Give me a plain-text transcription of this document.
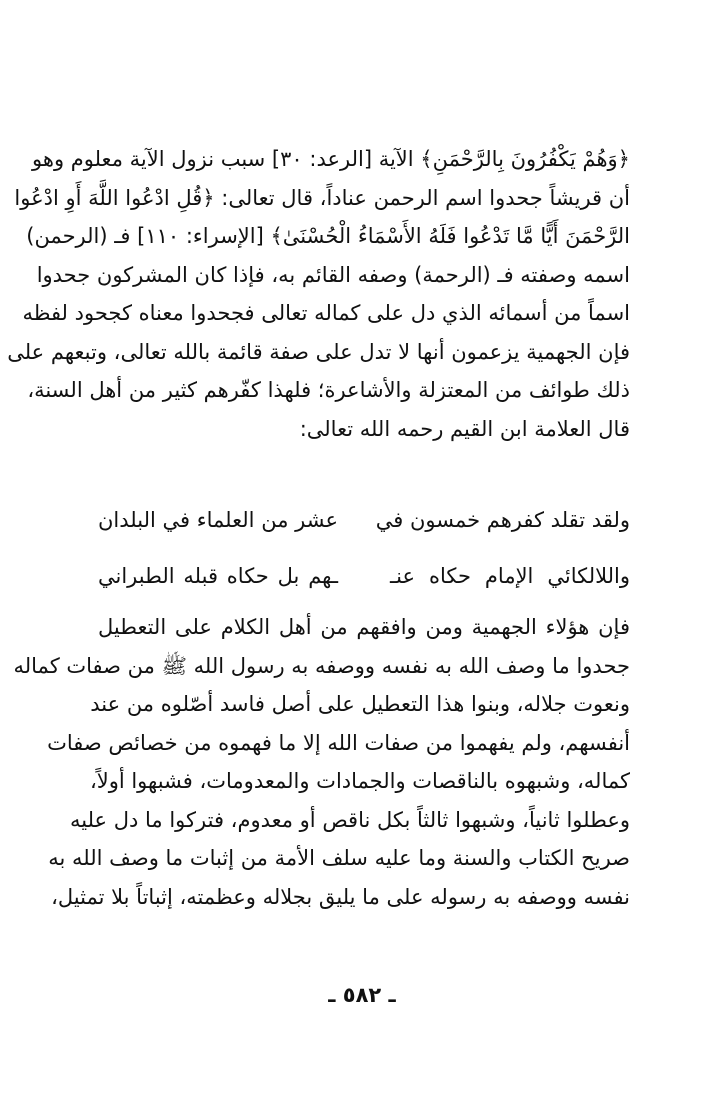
﴿وَهُمْ يَكْفُرُونَ بِالرَّحْمَنِ﴾ الآية [الرعد: ٣٠] سبب نزول الآية معلوم وهو
أن قريشاً جحدوا اسم الرحمن عناداً، قال تعالى: ﴿قُلِ ادْعُوا اللَّهَ أَوِ ادْعُوا
الرَّحْمَنَ أَيًّا مَّا تَدْعُوا فَلَهُ الأَسْمَاءُ الْحُسْنَىٰ﴾ [الإسراء: ١١٠] فـ (الرحمن)
اسمه وصفته فـ (الرحمة) وصفه القائم به، فإذا كان المشركون جحدوا
اسماً من أسمائه الذي دل على كماله تعالى فجحدوا معناه كجحود لفظه
فإن الجهمية يزعمون أنها لا تدل على صفة قائمة بالله تعالى، وتبعهم على
ذلك طوائف من المعتزلة والأشاعرة؛ فلهذا كفّرهم كثير من أهل السنة،
قال العلامة ابن القيم رحمه الله تعالى:
ولقد تقلد كفرهم خمسون في
عشر من العلماء في البلدان
واللالكائي الإمام حكاه عنـ
ـهم بل حكاه قبله الطبراني
فإن هؤلاء الجهمية ومن وافقهم من أهل الكلام على التعطيل
جحدوا ما وصف الله به نفسه ووصفه به رسول الله ﷺ من صفات كماله
ونعوت جلاله، وبنوا هذا التعطيل على أصل فاسد أصّلوه من عند
أنفسهم، ولم يفهموا من صفات الله إلا ما فهموه من خصائص صفات
كماله، وشبهوه بالناقصات والجمادات والمعدومات، فشبهوا أولاً،
وعطلوا ثانياً، وشبهوا ثالثاً بكل ناقص أو معدوم، فتركوا ما دل عليه
صريح الكتاب والسنة وما عليه سلف الأمة من إثبات ما وصف الله به
نفسه ووصفه به رسوله على ما يليق بجلاله وعظمته، إثباتاً بلا تمثيل،
ـ ٥٨٢ ـ
